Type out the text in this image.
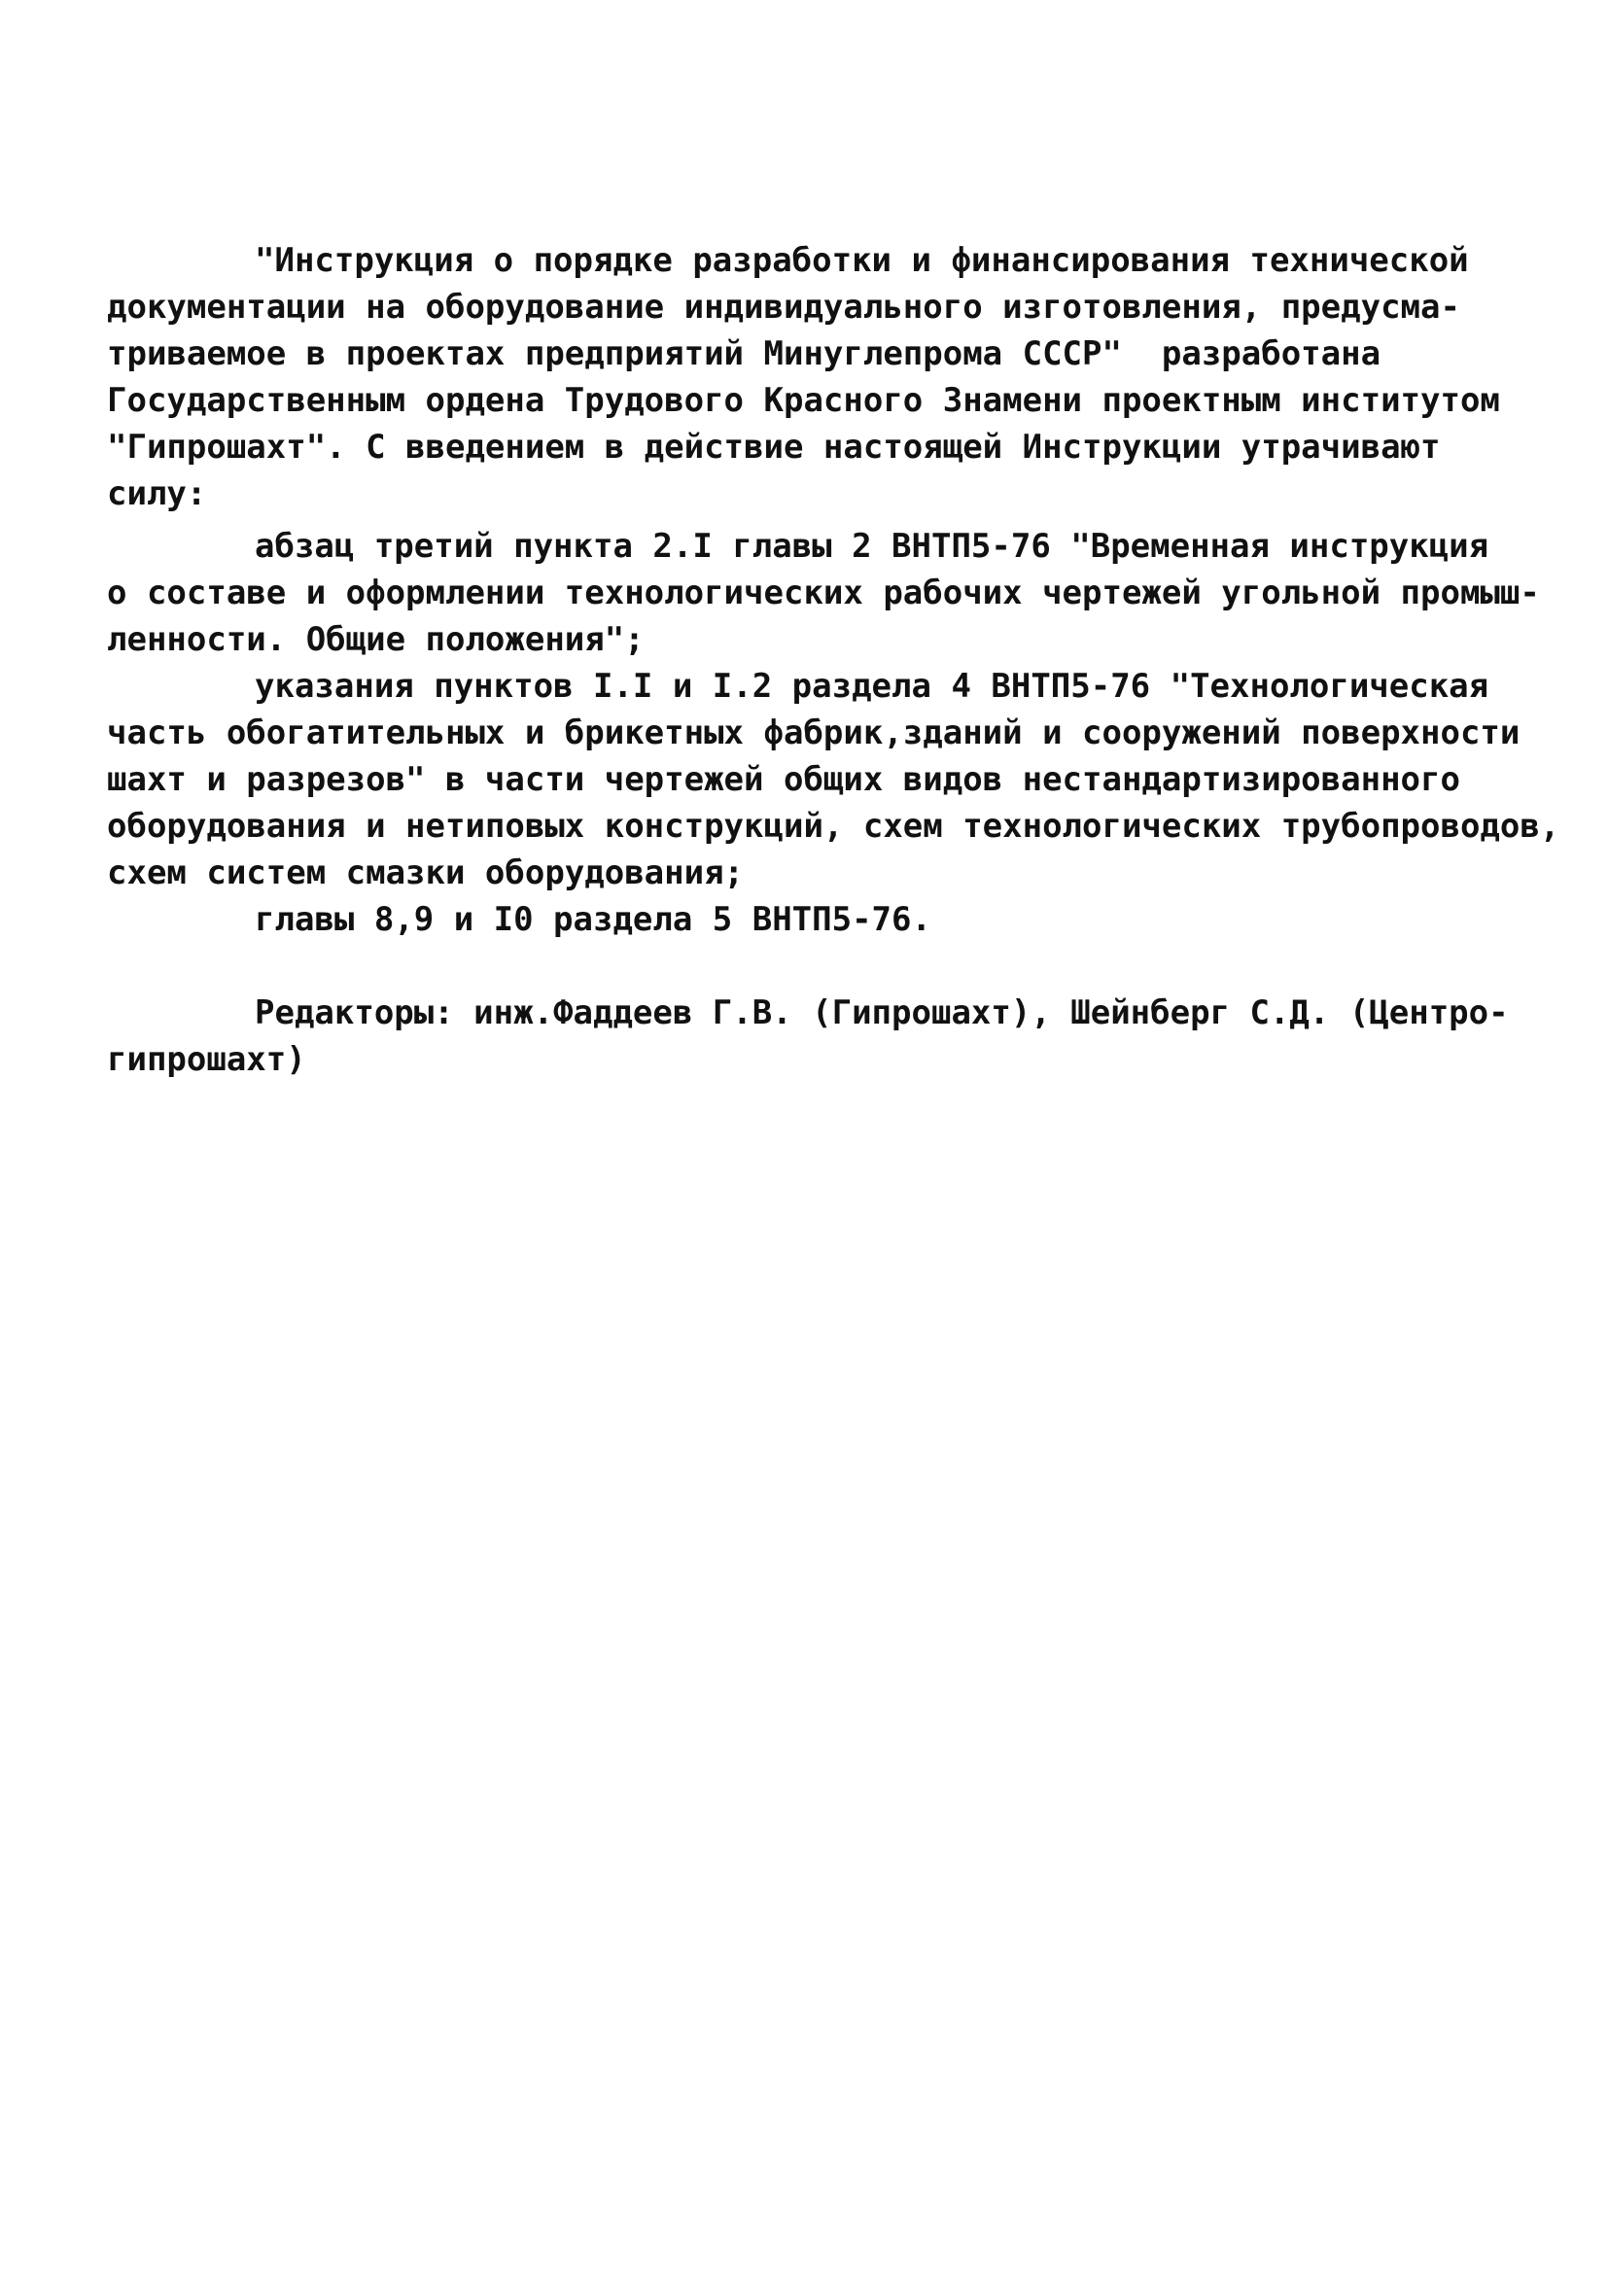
"Инструкция о порядке разработки и финансирования технической

документации на оборудование индивидуального изготовления, предусма-

триваемое в проектах предприятий Минуглепрома СССР"  разработана

Государственным ордена Трудового Красного Знамени проектным институтом

"Гипрошахт". С введением в действие настоящей Инструкции утрачивают

силу:

абзац третий пункта 2.I главы 2 ВНТП5-76 "Временная инструкция

о составе и оформлении технологических рабочих чертежей угольной промыш-

ленности. Общие положения";

указания пунктов I.I и I.2 раздела 4 ВНТП5-76 "Технологическая

часть обогатительных и брикетных фабрик,зданий и сооружений поверхности

шахт и разрезов" в части чертежей общих видов нестандартизированного

оборудования и нетиповых конструкций, схем технологических трубопроводов,

схем систем смазки оборудования;

главы 8,9 и I0 раздела 5 ВНТП5-76.

Редакторы: инж.Фаддеев Г.В. (Гипрошахт), Шейнберг С.Д. (Центро-

гипрошахт)
